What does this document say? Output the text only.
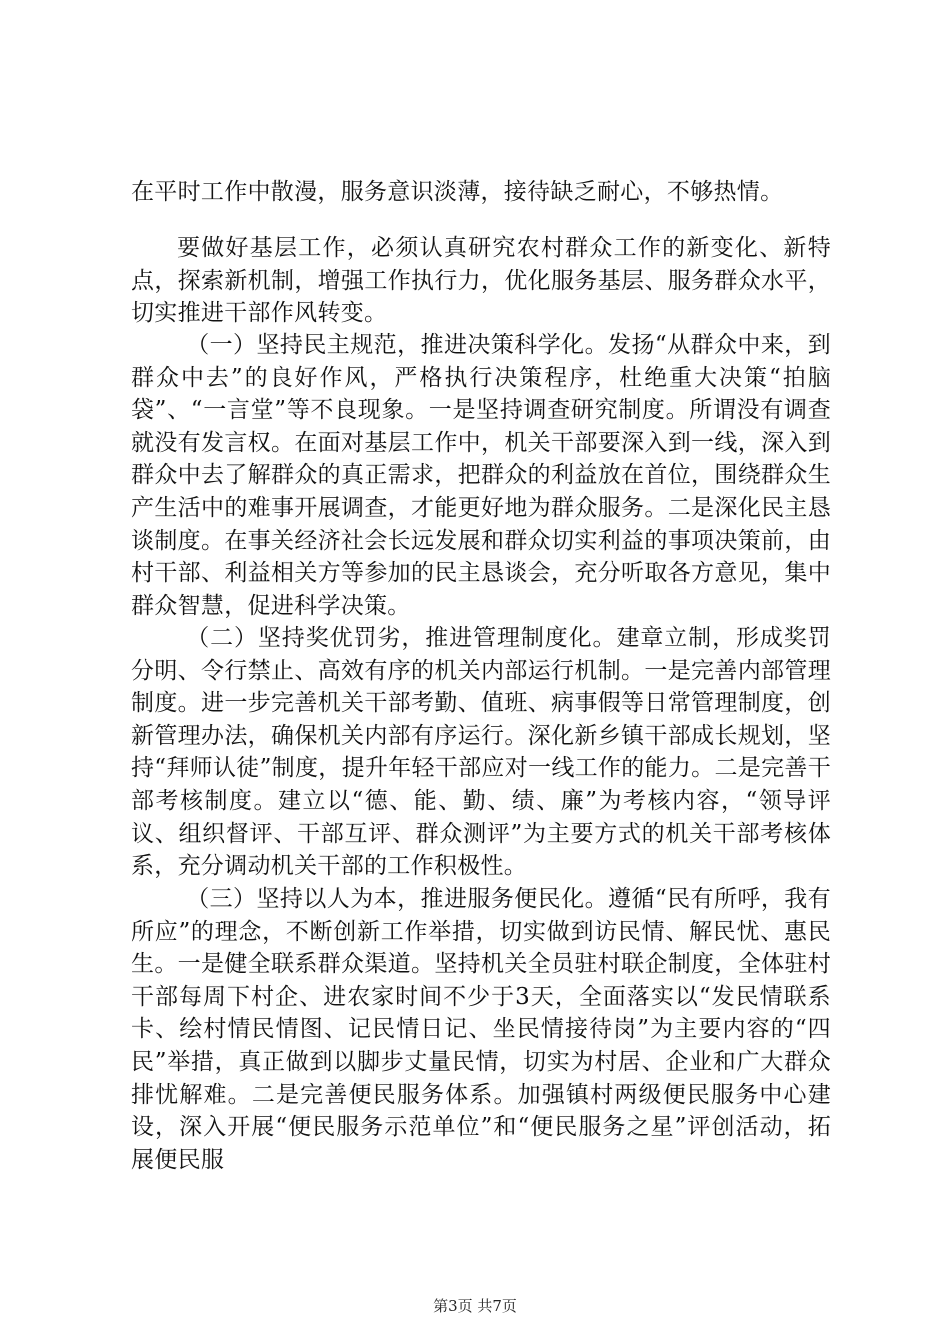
在平时工作中散漫，服务意识淡薄，接待缺乏耐心，不够热情。

要做好基层工作，必须认真研究农村群众工作的新变化、新特点，探索新机制，增强工作执行力，优化服务基层、服务群众水平，切实推进干部作风转变。

（一）坚持民主规范，推进决策科学化。发扬“从群众中来，到群众中去”的良好作风，严格执行决策程序，杜绝重大决策“拍脑袋”、“一言堂”等不良现象。一是坚持调查研究制度。所谓没有调查就没有发言权。在面对基层工作中，机关干部要深入到一线，深入到群众中去了解群众的真正需求，把群众的利益放在首位，围绕群众生产生活中的难事开展调查，才能更好地为群众服务。二是深化民主恳谈制度。在事关经济社会长远发展和群众切实利益的事项决策前，由村干部、利益相关方等参加的民主恳谈会，充分听取各方意见，集中群众智慧，促进科学决策。

（二）坚持奖优罚劣，推进管理制度化。建章立制，形成奖罚分明、令行禁止、高效有序的机关内部运行机制。一是完善内部管理制度。进一步完善机关干部考勤、值班、病事假等日常管理制度，创新管理办法，确保机关内部有序运行。深化新乡镇干部成长规划，坚持“拜师认徒”制度，提升年轻干部应对一线工作的能力。二是完善干部考核制度。建立以“德、能、勤、绩、廉”为考核内容，“领导评议、组织督评、干部互评、群众测评”为主要方式的机关干部考核体系，充分调动机关干部的工作积极性。

（三）坚持以人为本，推进服务便民化。遵循“民有所呼，我有所应”的理念，不断创新工作举措，切实做到访民情、解民忧、惠民生。一是健全联系群众渠道。坚持机关全员驻村联企制度，全体驻村干部每周下村企、进农家时间不少于3天，全面落实以“发民情联系卡、绘村情民情图、记民情日记、坐民情接待岗”为主要内容的“四民”举措，真正做到以脚步丈量民情，切实为村居、企业和广大群众排忧解难。二是完善便民服务体系。加强镇村两级便民服务中心建设，深入开展“便民服务示范单位”和“便民服务之星”评创活动，拓展便民服

第3页 共7页
